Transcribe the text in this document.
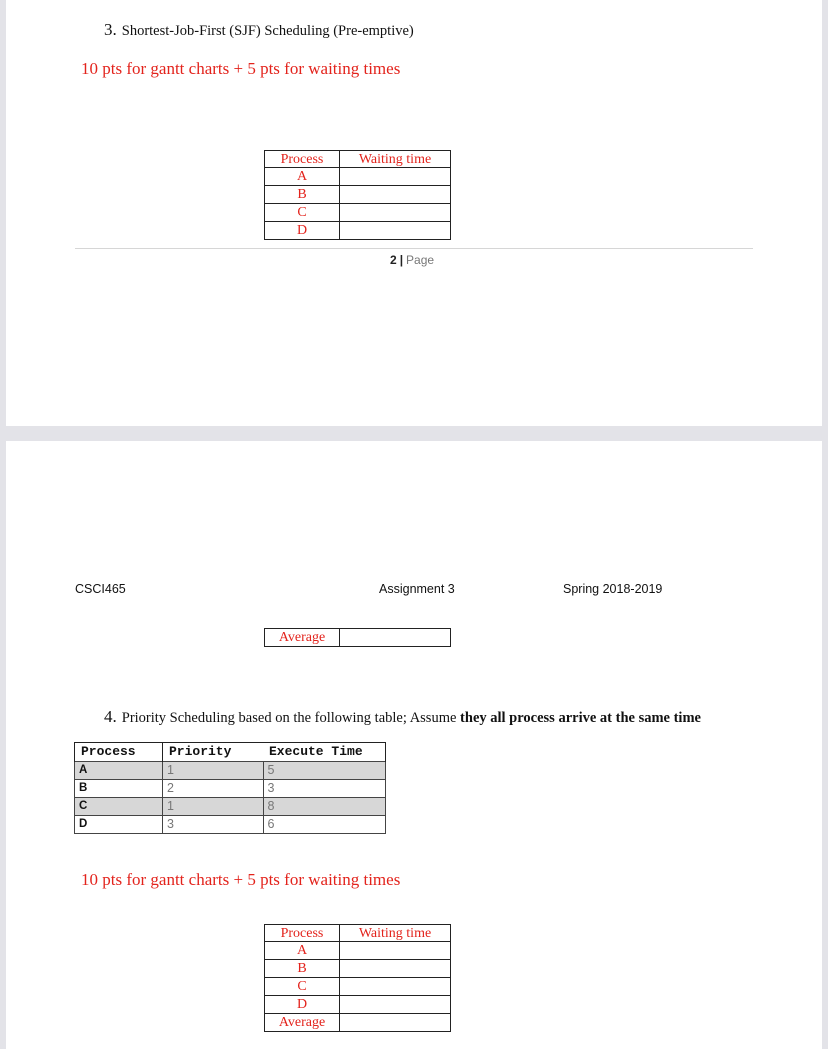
3. Shortest-Job-First (SJF) Scheduling (Pre-emptive)
10 pts for gantt charts + 5 pts for waiting times
Process	Waiting time
A	
B	
C	
D	
2 | Page
CSCI465	Assignment 3	Spring 2018-2019
Average	
4. Priority Scheduling based on the following table; Assume they all process arrive at the same time
Process	Priority	Execute Time
A	1	5
B	2	3
C	1	8
D	3	6
10 pts for gantt charts + 5 pts for waiting times
Process	Waiting time
A	
B	
C	
D	
Average	
